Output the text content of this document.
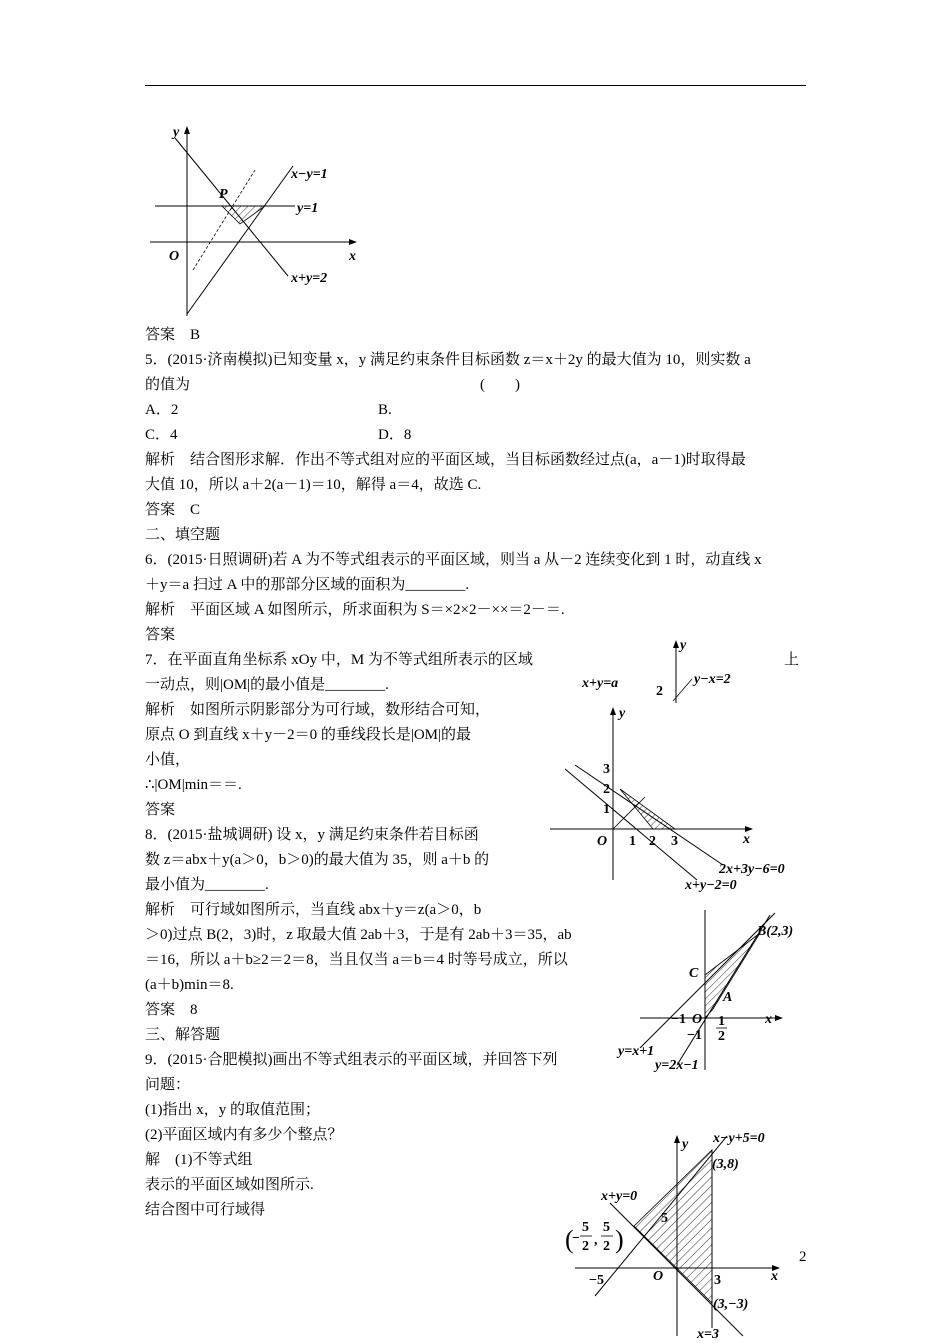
y
x
O
P
x−y=1
y=1
x+y=2
答案　B
5．(2015·济南模拟)已知变量 x，y 满足约束条件目标函数 z＝x＋2y 的最大值为 10，则实数 a
的值为	(　　)
A．2	B.
C．4	D．8
解析　结合图形求解．作出不等式组对应的平面区域，当目标函数经过点(a，a－1)时取得最
大值 10，所以 a＋2(a－1)＝10，解得 a＝4，故选 C.
答案　C
二、填空题
6．(2015·日照调研)若 A 为不等式组表示的平面区域，则当 a 从－2 连续变化到 1 时，动直线 x
＋y＝a 扫过 A 中的那部分区域的面积为________.
解析　平面区域 A 如图所示，所求面积为 S＝×2×2－××＝2－＝.
答案
7．在平面直角坐标系 xOy 中，M 为不等式组所表示的区域	上
一动点，则|OM|的最小值是________.
解析　如图所示阴影部分为可行域，数形结合可知，
原点 O 到直线 x＋y－2＝0 的垂线段长是|OM|的最
小值，
∴|OM|min＝＝.
答案
8．(2015·盐城调研) 设 x，y 满足约束条件若目标函
数 z＝abx＋y(a＞0，b＞0)的最大值为 35，则 a＋b 的
最小值为________.
解析　可行域如图所示，当直线 abx＋y＝z(a＞0，b
＞0)过点 B(2，3)时，z 取最大值 2ab＋3，于是有 2ab＋3＝35，ab
＝16，所以 a＋b≥2＝2＝8，当且仅当 a＝b＝4 时等号成立，所以
(a＋b)min＝8.
答案　8
三、解答题
9．(2015·合肥模拟)画出不等式组表示的平面区域，并回答下列
问题：
(1)指出 x，y 的取值范围；
(2)平面区域内有多少个整点？
解　(1)不等式组
表示的平面区域如图所示.
结合图中可行域得
y
x+y=a	y−x=2
2
y
x
O 1 2 3
1
2
3
2x+3y−6=0
x+y−2=0
B(2,3)
C
A
x
−1 O
−1
1
2
y=x+1
y=2x−1
x−y+5=0
(3,8)
x+y=0
y
5
( 5
2
− ,
5
2 )
−5	O	3	x
(3,−3)
x=3
2
